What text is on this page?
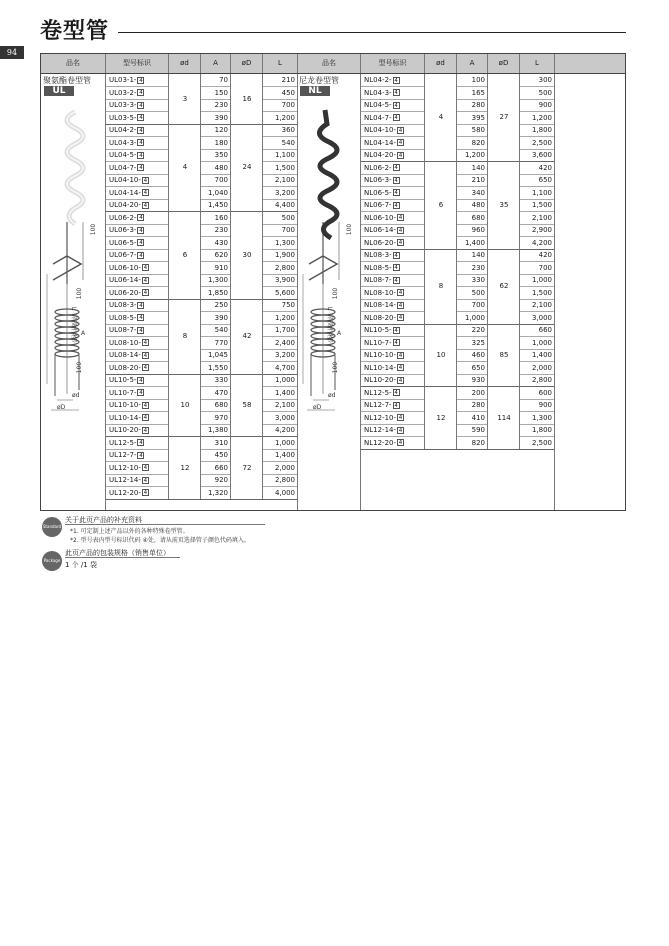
卷型管
94
聚氨酯卷型管
UL
尼龙卷型管
NL
100
100
L（有效行程） A
100
ød
øD
100
100
L（有效行程） A
100
ød
øD
品名	型号标识	ød	A	øD	L
3	16
UL03-1- 4	70	210
UL03-2- 4	150	450
UL03-3- 4	230	700
UL03-5- 4	390	1,200
4	24
UL04-2- 4	120	360
UL04-3- 4	180	540
UL04-5- 4	350	1,100
UL04-7- 4	480	1,500
UL04-10- 4	700	2,100
UL04-14- 4	1,040	3,200
UL04-20- 4	1,450	4,400
6	30
UL06-2- 4	160	500
UL06-3- 4	230	700
UL06-5- 4	430	1,300
UL06-7- 4	620	1,900
UL06-10- 4	910	2,800
UL06-14- 4	1,300	3,900
UL06-20- 4	1,850	5,600
8	42
UL08-3- 4	250	750
UL08-5- 4	390	1,200
UL08-7- 4	540	1,700
UL08-10- 4	770	2,400
UL08-14- 4	1,045	3,200
UL08-20- 4	1,550	4,700
10	58
UL10-5- 4	330	1,000
UL10-7- 4	470	1,400
UL10-10- 4	680	2,100
UL10-14- 4	970	3,000
UL10-20- 4	1,380	4,200
12	72
UL12-5- 4	310	1,000
UL12-7- 4	450	1,400
UL12-10- 4	660	2,000
UL12-14- 4	920	2,800
UL12-20- 4	1,320	4,000
品名	型号标识	ød	A	øD	L
4	27
NL04-2- 4	100	300
NL04-3- 4	165	500
NL04-5- 4	280	900
NL04-7- 4	395	1,200
NL04-10- 4	580	1,800
NL04-14- 4	820	2,500
NL04-20- 4	1,200	3,600
6	35
NL06-2- 4	140	420
NL06-3- 4	210	650
NL06-5- 4	340	1,100
NL06-7- 4	480	1,500
NL06-10- 4	680	2,100
NL06-14- 4	960	2,900
NL06-20- 4	1,400	4,200
8	62
NL08-3- 4	140	420
NL08-5- 4	230	700
NL08-7- 4	330	1,000
NL08-10- 4	500	1,500
NL08-14- 4	700	2,100
NL08-20- 4	1,000	3,000
10	85
NL10-5- 4	220	660
NL10-7- 4	325	1,000
NL10-10- 4	460	1,400
NL10-14- 4	650	2,000
NL10-20- 4	930	2,800
12	114
NL12-5- 4	200	600
NL12-7- 4	280	900
NL12-10- 4	410	1,300
NL12-14- 4	590	1,800
NL12-20- 4	820	2,500
Standard
关于此页产品的补充资料
*1. 可定制上述产品以外的各种特殊卷型管。
*2. 型号表内型号标识代码 ④处，请从前页选择管子颜色代码填入。
Package
此页产品的包装规格（销售单位）
1 个 /1 袋
